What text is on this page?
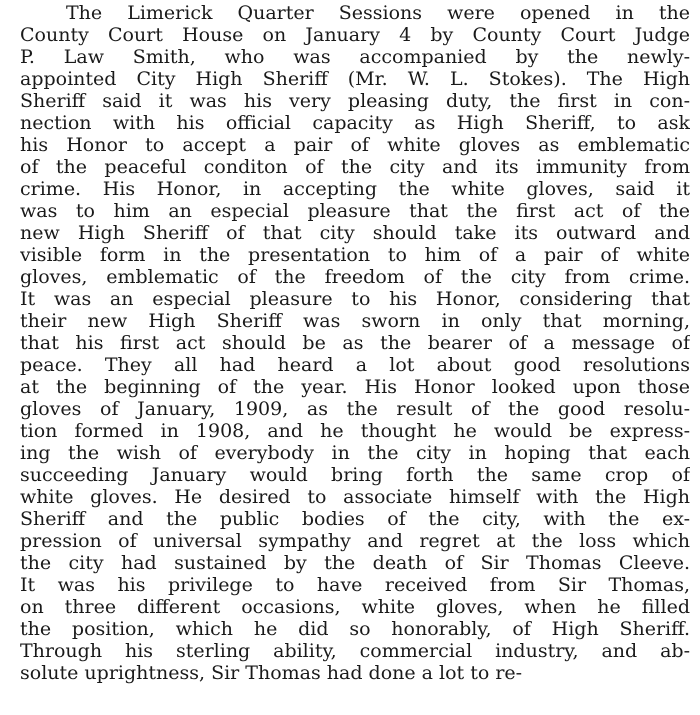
The Limerick Quarter Sessions were opened in the
County Court House on January 4 by County Court Judge
P. Law Smith, who was accompanied by the newly-
appointed City High Sheriff (Mr. W. L. Stokes). The High
Sheriff said it was his very pleasing duty, the first in con-
nection with his official capacity as High Sheriff, to ask
his Honor to accept a pair of white gloves as emblematic
of the peaceful conditon of the city and its immunity from
crime. His Honor, in accepting the white gloves, said it
was to him an especial pleasure that the first act of the
new High Sheriff of that city should take its outward and
visible form in the presentation to him of a pair of white
gloves, emblematic of the freedom of the city from crime.
It was an especial pleasure to his Honor, considering that
their new High Sheriff was sworn in only that morning,
that his first act should be as the bearer of a message of
peace. They all had heard a lot about good resolutions
at the beginning of the year. His Honor looked upon those
gloves of January, 1909, as the result of the good resolu-
tion formed in 1908, and he thought he would be express-
ing the wish of everybody in the city in hoping that each
succeeding January would bring forth the same crop of
white gloves. He desired to associate himself with the High
Sheriff and the public bodies of the city, with the ex-
pression of universal sympathy and regret at the loss which
the city had sustained by the death of Sir Thomas Cleeve.
It was his privilege to have received from Sir Thomas,
on three different occasions, white gloves, when he filled
the position, which he did so honorably, of High Sheriff.
Through his sterling ability, commercial industry, and ab-
solute uprightness, Sir Thomas had done a lot to re-
